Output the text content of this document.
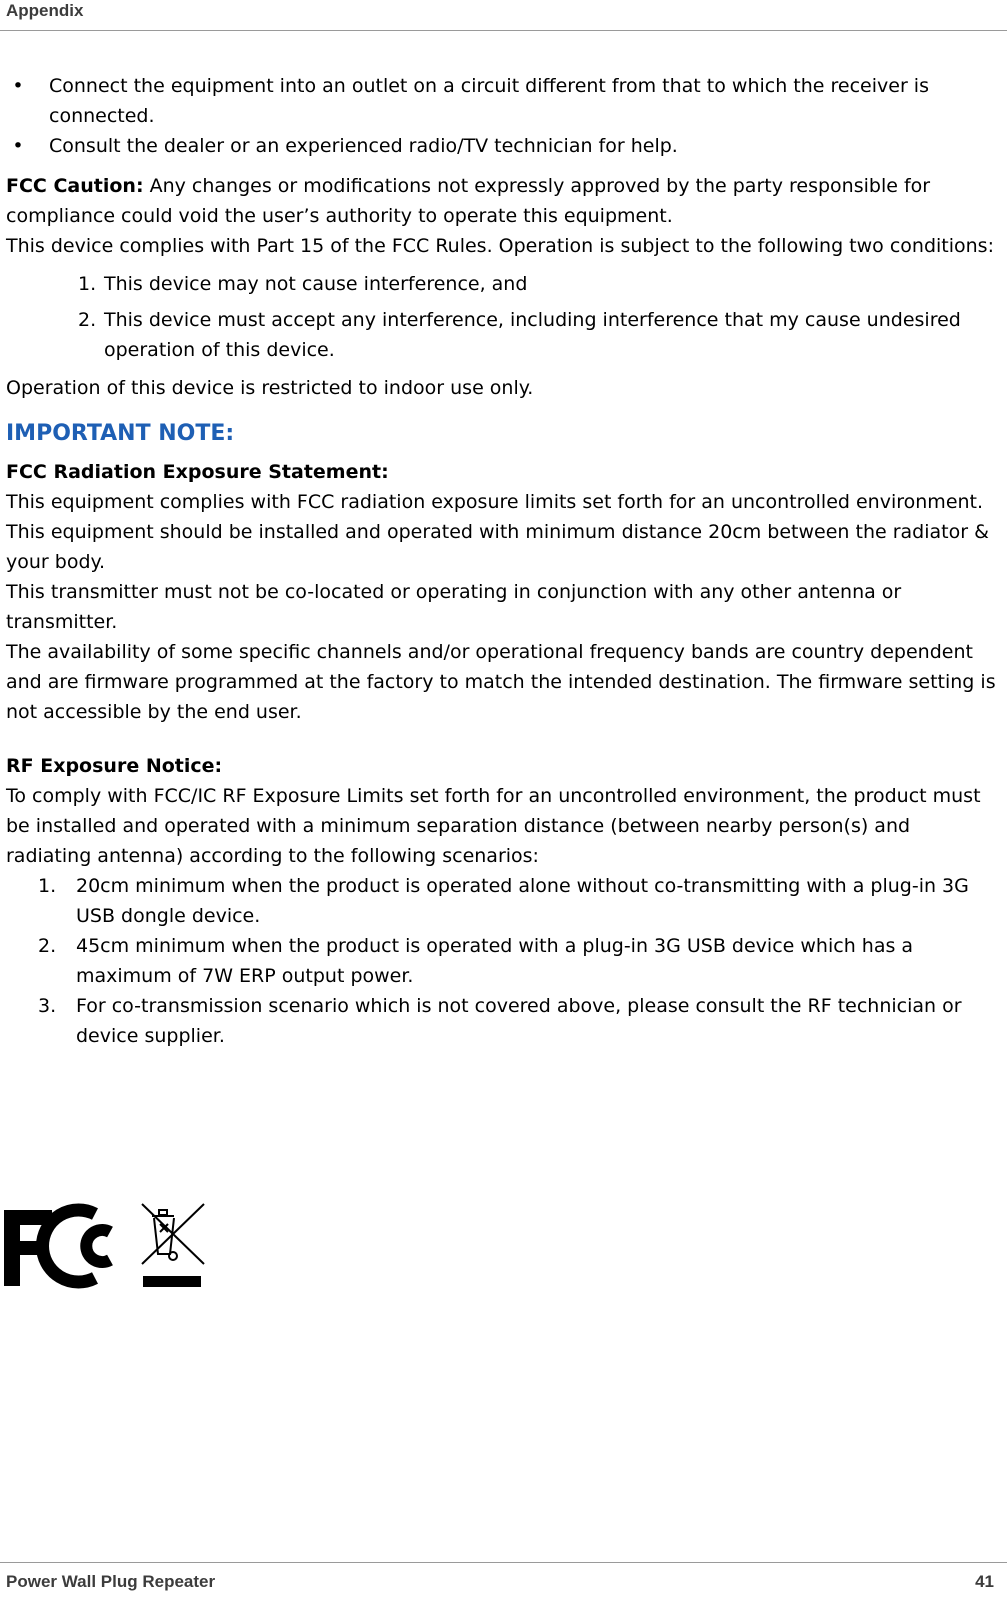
Appendix

•	Connect the equipment into an outlet on a circuit different from that to which the receiver is connected.

•	Consult the dealer or an experienced radio/TV technician for help.

FCC Caution: Any changes or modifications not expressly approved by the party responsible for compliance could void the user’s authority to operate this equipment.

This device complies with Part 15 of the FCC Rules. Operation is subject to the following two conditions:

1. This device may not cause interference, and

2. This device must accept any interference, including interference that my cause undesired operation of this device.

Operation of this device is restricted to indoor use only.

IMPORTANT NOTE:

FCC Radiation Exposure Statement:

This equipment complies with FCC radiation exposure limits set forth for an uncontrolled environment. This equipment should be installed and operated with minimum distance 20cm between the radiator & your body.

This transmitter must not be co-located or operating in conjunction with any other antenna or transmitter.

The availability of some specific channels and/or operational frequency bands are country dependent and are firmware programmed at the factory to match the intended destination. The firmware setting is not accessible by the end user.

RF Exposure Notice:

To comply with FCC/IC RF Exposure Limits set forth for an uncontrolled environment, the product must be installed and operated with a minimum separation distance (between nearby person(s) and radiating antenna) according to the following scenarios:

1. 20cm minimum when the product is operated alone without co-transmitting with a plug-in 3G USB dongle device.

2. 45cm minimum when the product is operated with a plug-in 3G USB device which has a maximum of 7W ERP output power.

3. For co-transmission scenario which is not covered above, please consult the RF technician or device supplier.

Power Wall Plug Repeater	41
